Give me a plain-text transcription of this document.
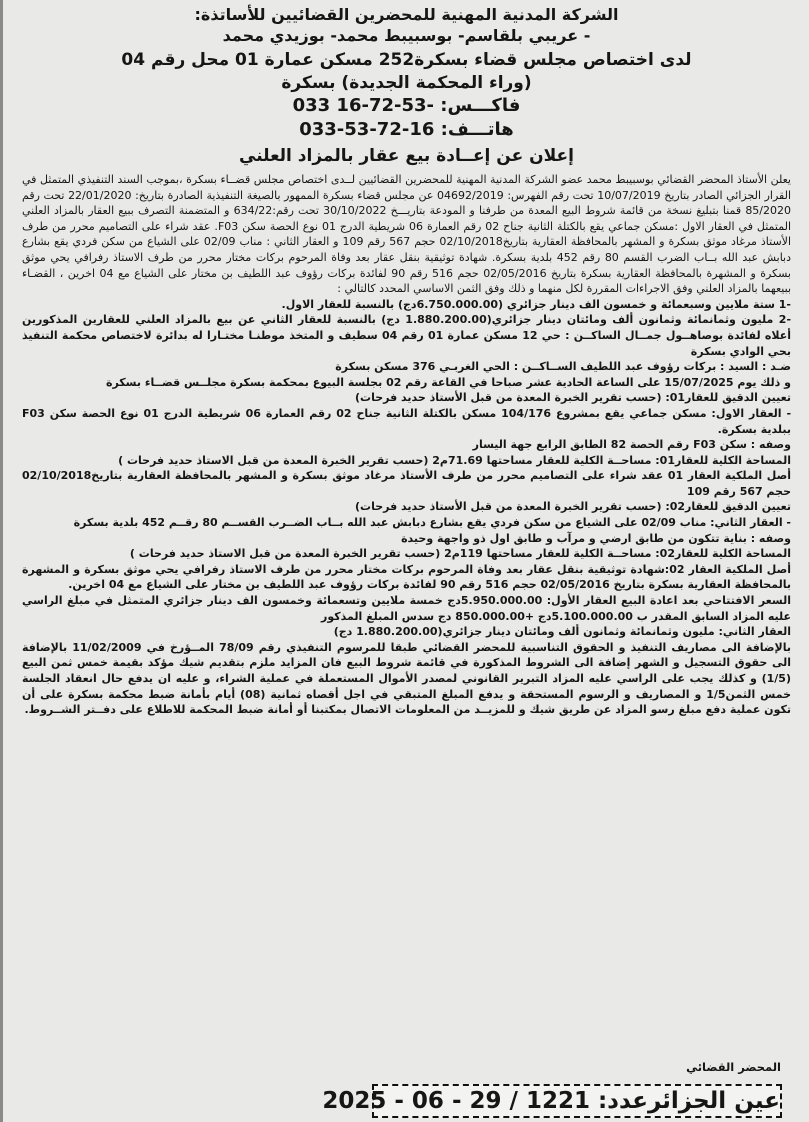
الشركة المدنية المهنية للمحضرين القضائيين للأساتذة:
- عريبي بلقاسم- بوسبيبط محمد- بوزيدي محمد
لدى اختصاص مجلس قضاء بسكرة252 مسكن عمارة 01 محل رقم 04
(وراء المحكمة الجديدة) بسكرة
فاكـــس: 033 16-72-53-
هاتـــف: 033-53-72-16
إعلان عن إعــادة بيع عقار بالمزاد العلني

يعلن الأستاذ المحضر القضائي بوسبيبط محمد عضو الشركة المدنية المهنية للمحضرين القضائيين لــدى اختصاص مجلس قضــاء بسكرة ،بموجب السند التنفيذي المتمثل في القرار الجزائي الصادر بتاريخ 10/07/2019 تحت رقم الفهرس: 04692/2019 عن مجلس قضاء بسكرة الممهور بالصيغة التنفيذية الصادرة بتاريخ: 22/01/2020 تحت رقم 85/2020 قمنا بتبليغ نسخة من قائمة شروط البيع المعدة من طرفنا و المودعة بتاريـــخ 30/10/2022 تحت رقم:634/22 و المتضمنة التصرف ببيع العقار بالمزاد العلني المتمثل في العقار الاول :مسكن جماعي يقع بالكتلة الثانية جناح 02 رقم العمارة 06 شريطية الدرج 01 نوع الحصة سكن F03. عقد شراء على التصاميم محرر من طرف الأستاذ مرغاد موثق بسكرة و المشهر بالمحافظة العقارية بتاريخ02/10/2018 حجم 567 رقم 109 و العقار الثاني : مناب 02/09 على الشياع من سكن فردي يقع بشارع دبابش عبد الله بــاب الضرب القسم 80 رقم 452 بلدية بسكرة. شهادة توثيقية بنقل عقار بعد وفاة المرحوم بركات مختار محرر من طرف الاستاذ رفرافي يحي موثق بسكرة و المشهرة بالمحافظة العقارية بسكرة بتاريخ 02/05/2016 حجم 516 رقم 90 لفائدة بركات رؤوف عبد اللطيف بن مختار على الشياع مع 04 اخرين ، القضـاء ببيعهما بالمزاد العلني وفق الاجراءات المقررة لكل منهما و ذلك وفق الثمن الاساسي المحدد كالتالي :

-1 ستة ملايين وسبعمائة و خمسون الف دينار جزائري (6.750.000.00دج) بالنسبة للعقار الاول.

-2 مليون وثمانمائة وثمانون ألف ومائتان دينار جزائري(1.880.200.00 دج) بالنسبة للعقار الثاني عن بيع بالمزاد العلني للعقارين المذكورين أعلاه لفائدة بوصاهــول جمــال الساكــن : حي 12 مسكن عمارة 01 رقم 04 سطيف و المتخذ موطنـا مختـارا له بدائرة لاختصاص محكمة التنفيذ بحي الوادي بسكرة

ضـد : السيد : بركات رؤوف عبد اللطيف الســاكــن : الحي الغربـي 376 مسكن بسكرة

و ذلك يوم 15/07/2025 على الساعة الحادية عشر صباحا في القاعة رقم 02 بجلسة البيوع بمحكمة بسكرة مجلــس قضــاء بسكرة

تعيين الدقيق للعقار01: (حسب تقرير الخبرة المعدة من قبل الأستاذ حديد فرحات)

- العقار الاول: مسكن جماعي يقع بمشروع 104/176 مسكن بالكتلة الثانية جناح 02 رقم العمارة 06 شريطية الدرج 01 نوع الحصة سكن F03 ببلدية بسكرة.

وصفه : سكن F03 رقم الحصة 82 الطابق الرابع جهة اليسار

المساحة الكلية للعقار01: مساحــة الكلية للعقار مساحتها 71.69م2 (حسب تقرير الخبرة المعدة من قبل الاستاذ حديد فرحات )

أصل الملكية العقار 01 عقد شراء على التصاميم محرر من طرف الأستاذ مرغاد موثق بسكرة و المشهر بالمحافظة العقارية بتاريخ02/10/2018 حجم 567 رقم 109

تعيين الدقيق للعقار02: (حسب تقرير الخبرة المعدة من قبل الأستاذ حديد فرحات)

- العقار الثاني: مناب 02/09 على الشياع من سكن فردي يقع بشارع دبابش عبد الله بــاب الضــرب القســم 80 رقــم 452 بلدية بسكرة

وصفه : بناية تتكون من طابق ارضي و مرآب و طابق اول ذو واجهة وحيدة

المساحة الكلية للعقار02: مساحــة الكلية للعقار مساحتها 119م2 (حسب تقرير الخبرة المعدة من قبل الاستاذ حديد فرحات )

أصل الملكية العقار 02:شهادة توثيقية بنقل عقار بعد وفاة المرحوم بركات مختار محرر من طرف الاستاذ رفرافي يحي موثق بسكرة و المشهرة بالمحافظة العقارية بسكرة بتاريخ 02/05/2016 حجم 516 رقم 90 لفائدة بركات رؤوف عبد اللطيف بن مختار على الشياع مع 04 اخرين.

السعر الافتتاحي بعد اعادة البيع العقار الأول: 5.950.000.00دج خمسة ملايين وتسعمائة وخمسون الف دينار جزائري المتمثل في مبلغ الراسي عليه المزاد السابق المقدر ب 5.100.000.00دج +850.000.00 دج سدس المبلغ المذكور

العقار الثاني: مليون وثمانمائة وثمانون ألف ومائتان دينار جزائري(1.880.200.00 دج)

بالإضافة الى مصاريف التنفيذ و الحقوق التناسبية للمحضر القضائي طبقا للمرسوم التنفيذي رقم 78/09 المــؤرخ في 11/02/2009 بالإضافة الى حقوق التسجيل و الشهر إضافة الى الشروط المذكورة في قائمة شروط البيع فان المزايد ملزم بتقديم شيك مؤكد بقيمة خمس ثمن البيع (1/5) و كذلك يجب على الراسي عليه المزاد التبرير القانوني لمصدر الأموال المستعملة في عملية الشراء، و عليه ان يدفع حال انعقاد الجلسة خمس الثمن1/5 و المصاريف و الرسوم المستحقة و يدفع المبلغ المتبقي في اجل أقصاه ثمانية (08) أيام بأمانة ضبط محكمة بسكرة على أن تكون عملية دفع مبلغ رسو المزاد عن طريق شيك و للمزيــد من المعلومات الاتصال بمكتبنا أو أمانة ضبط المحكمة للاطلاع على دفــتر الشــروط.

المحضر القضائي
عين الجزائرعدد: 1221 / 29 - 06 - 2025
